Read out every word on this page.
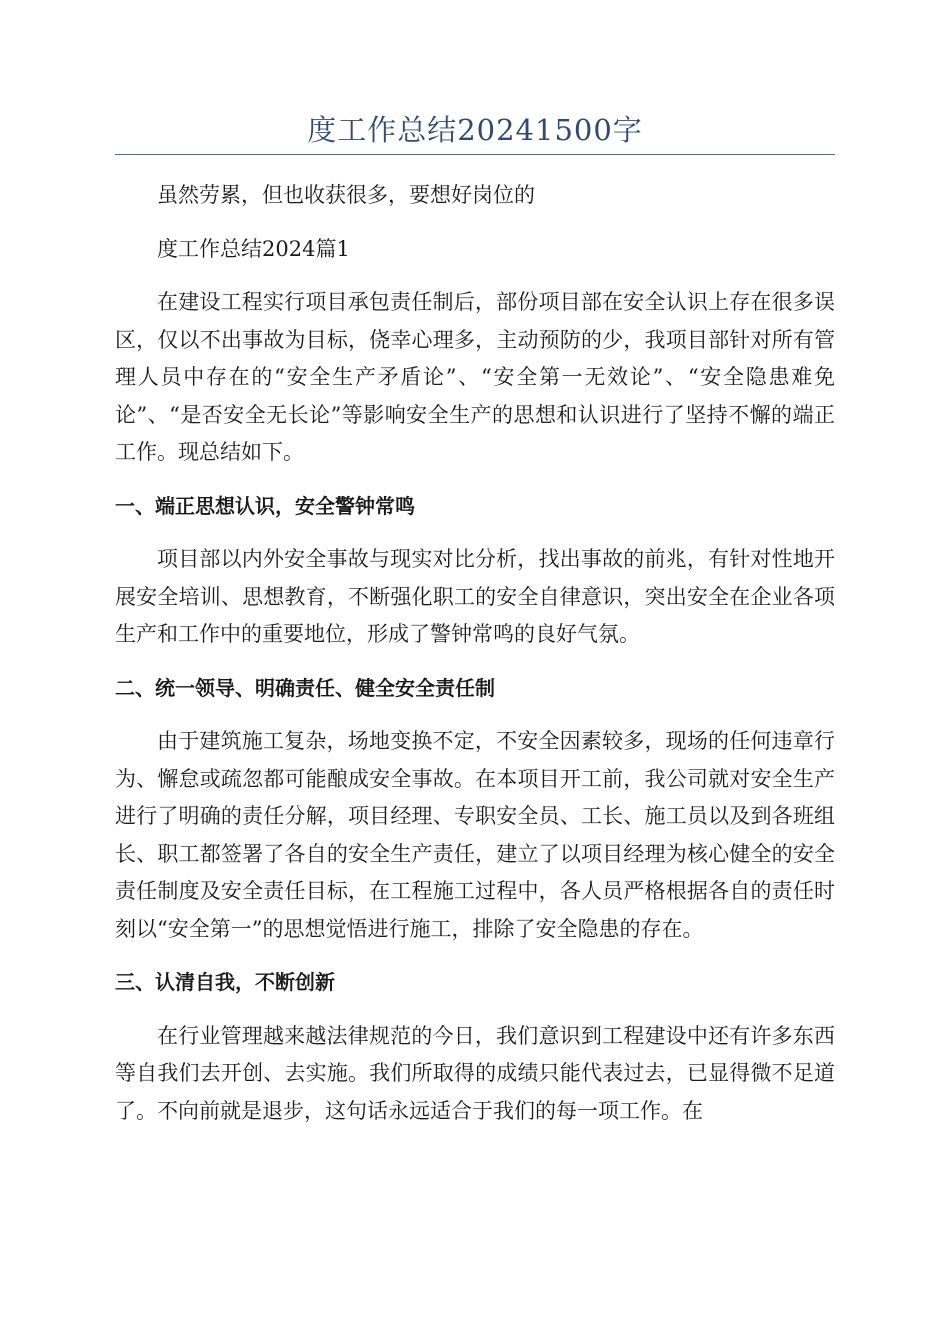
度工作总结20241500字

虽然劳累，但也收获很多，要想好岗位的

度工作总结2024篇1

在建设工程实行项目承包责任制后，部份项目部在安全认识上存在很多误区，仅以不出事故为目标，侥幸心理多，主动预防的少，我项目部针对所有管理人员中存在的“安全生产矛盾论”、“安全第一无效论”、“安全隐患难免论”、“是否安全无长论”等影响安全生产的思想和认识进行了坚持不懈的端正工作。现总结如下。

一、端正思想认识，安全警钟常鸣

项目部以内外安全事故与现实对比分析，找出事故的前兆，有针对性地开展安全培训、思想教育，不断强化职工的安全自律意识，突出安全在企业各项生产和工作中的重要地位，形成了警钟常鸣的良好气氛。

二、统一领导、明确责任、健全安全责任制

由于建筑施工复杂，场地变换不定，不安全因素较多，现场的任何违章行为、懈怠或疏忽都可能酿成安全事故。在本项目开工前，我公司就对安全生产进行了明确的责任分解，项目经理、专职安全员、工长、施工员以及到各班组长、职工都签署了各自的安全生产责任，建立了以项目经理为核心健全的安全责任制度及安全责任目标，在工程施工过程中，各人员严格根据各自的责任时刻以“安全第一”的思想觉悟进行施工，排除了安全隐患的存在。

三、认清自我，不断创新

在行业管理越来越法律规范的今日，我们意识到工程建设中还有许多东西等自我们去开创、去实施。我们所取得的成绩只能代表过去，已显得微不足道了。不向前就是退步，这句话永远适合于我们的每一项工作。在
